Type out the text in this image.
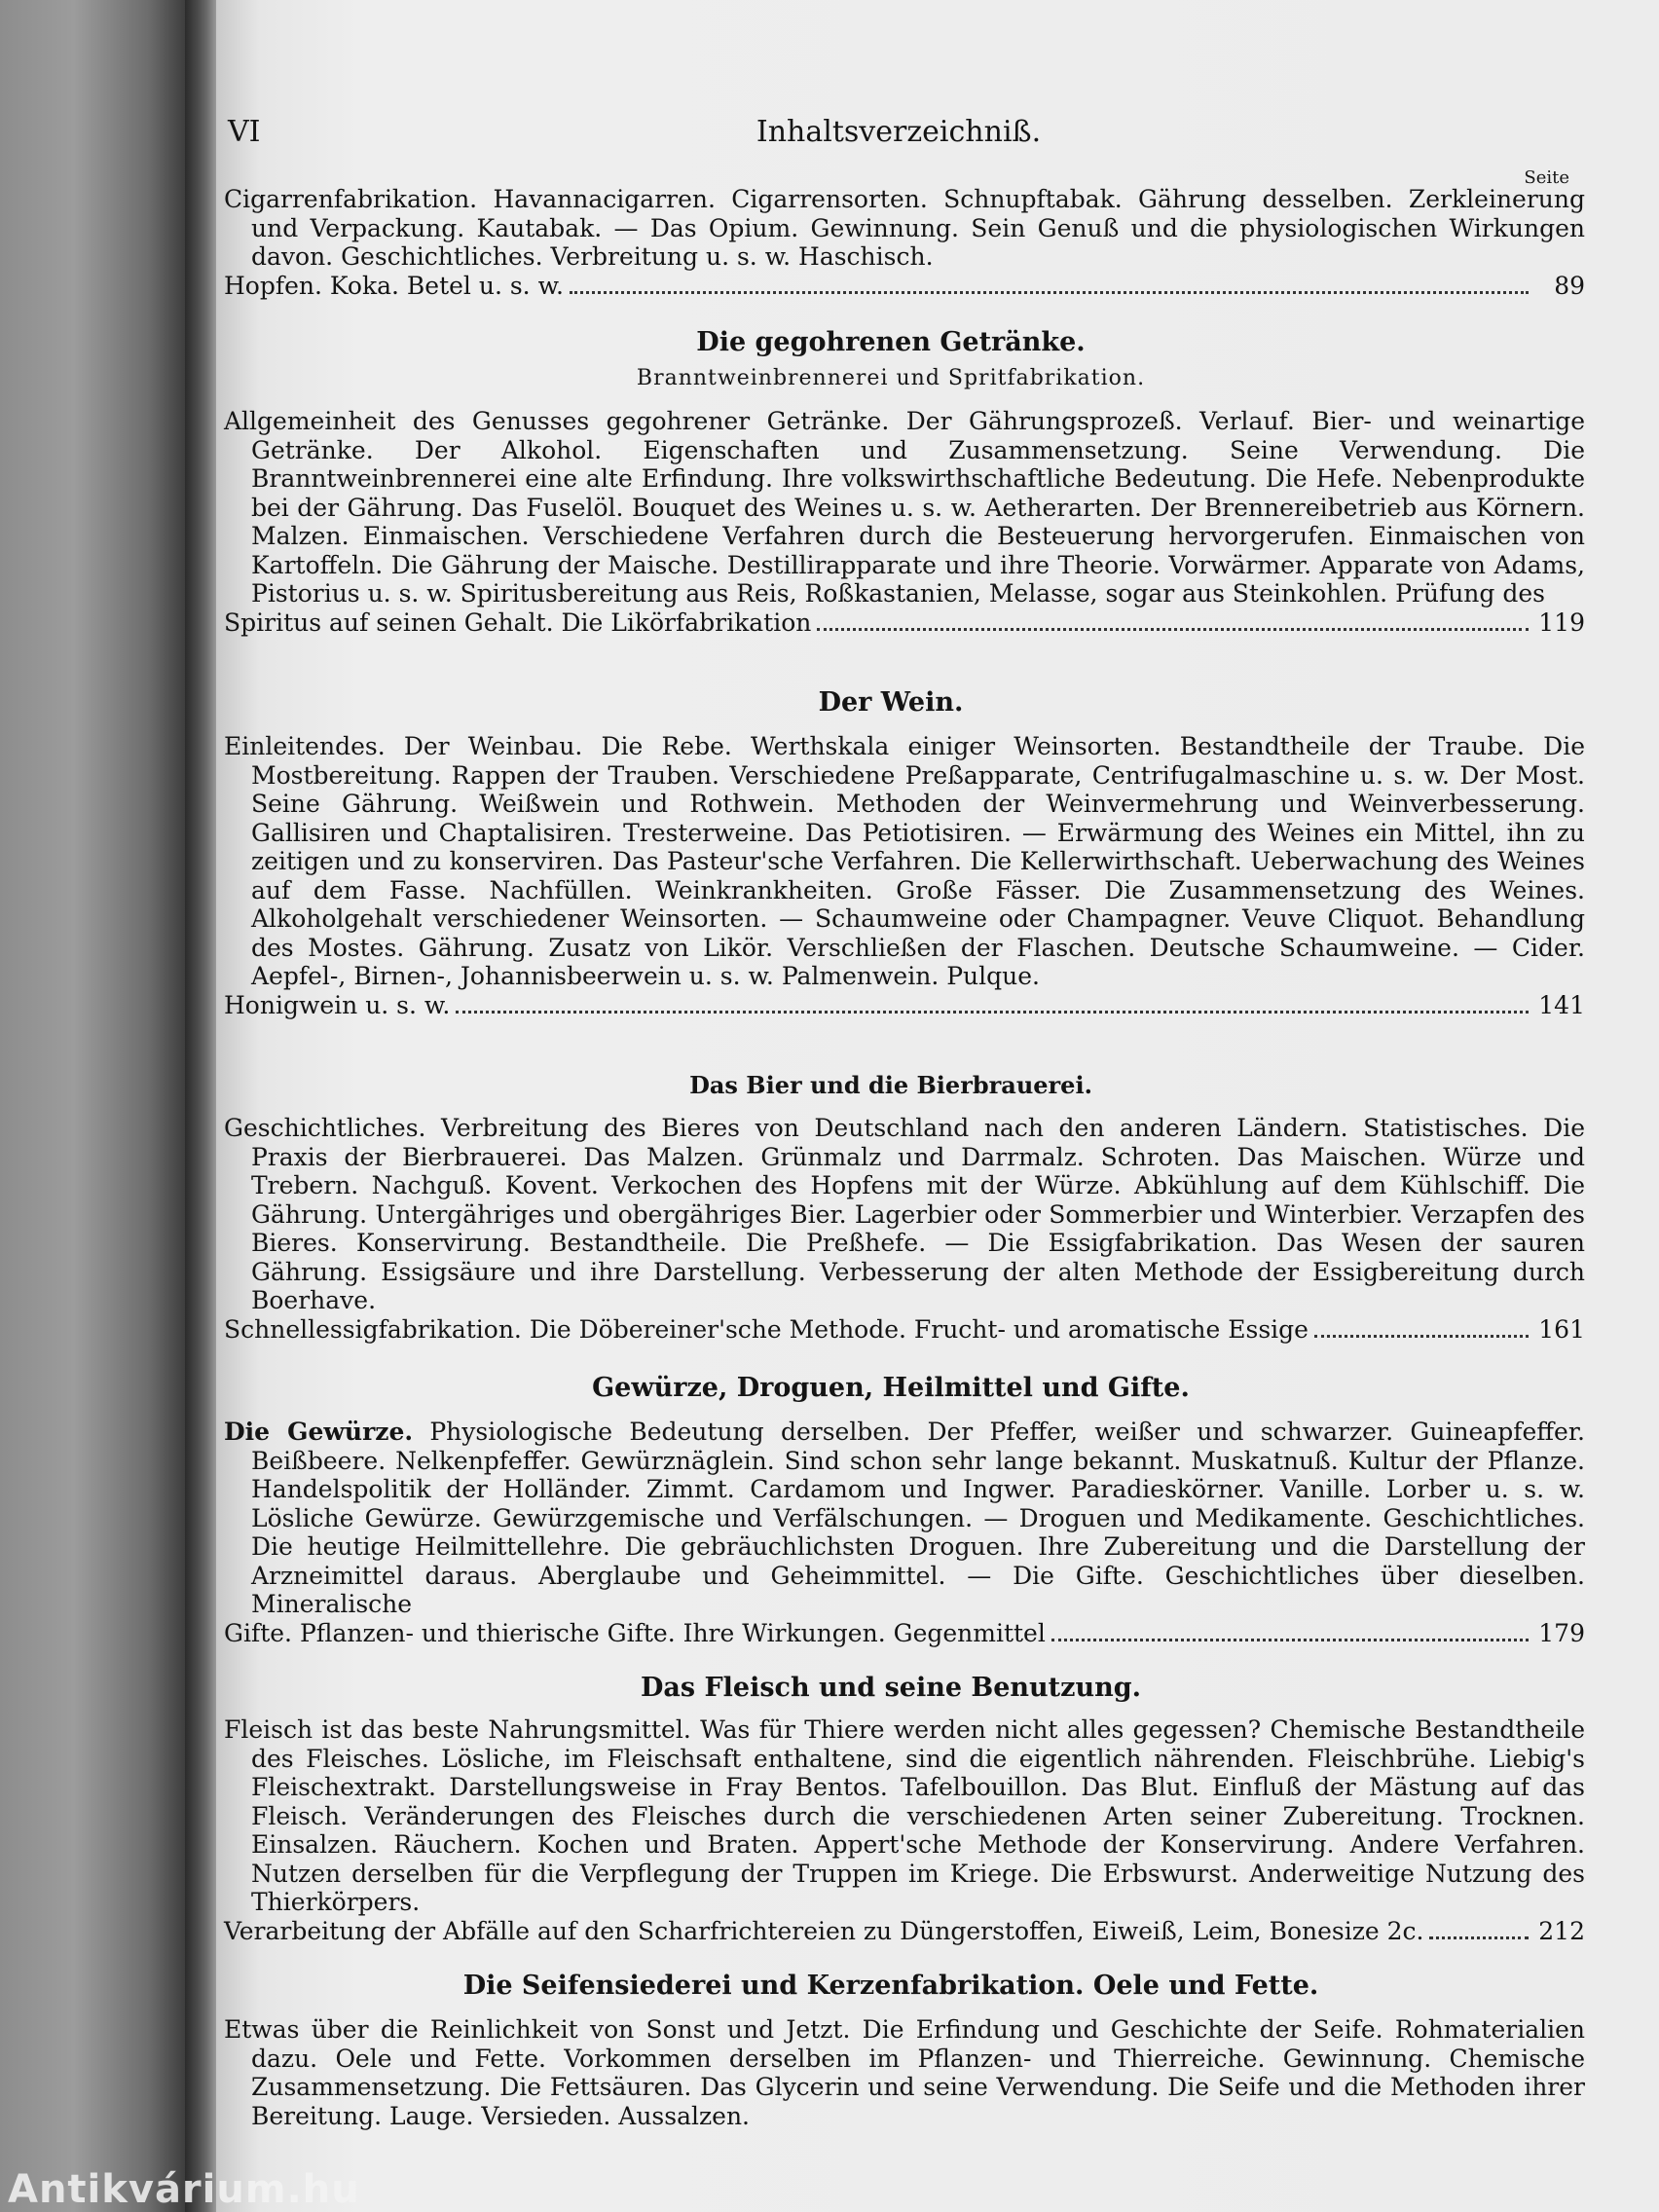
Antikvárium.hu
Inhaltsverzeichniß.
VI
Seite
Cigarrenfabrikation. Havannacigarren. Cigarrensorten. Schnupftabak. Gährung desselben. Zerkleinerung und Verpackung. Kautabak. — Das Opium. Gewinnung. Sein Genuß und die physiologischen Wirkungen davon. Geschichtliches. Verbreitung u. s. w. Haschisch.
Hopfen. Koka. Betel u. s. w.	89
Die gegohrenen Getränke.
Branntweinbrennerei und Spritfabrikation.
Allgemeinheit des Genusses gegohrener Getränke. Der Gährungsprozeß. Verlauf. Bier- und weinartige Getränke. Der Alkohol. Eigenschaften und Zusammensetzung. Seine Verwendung. Die Branntweinbrennerei eine alte Erfindung. Ihre volkswirthschaftliche Bedeutung. Die Hefe. Nebenprodukte bei der Gährung. Das Fuselöl. Bouquet des Weines u. s. w. Aetherarten. Der Brennereibetrieb aus Körnern. Malzen. Einmaischen. Verschiedene Verfahren durch die Besteuerung hervorgerufen. Einmaischen von Kartoffeln. Die Gährung der Maische. Destillirapparate und ihre Theorie. Vorwärmer. Apparate von Adams, Pistorius u. s. w. Spiritusbereitung aus Reis, Roßkastanien, Melasse, sogar aus Steinkohlen. Prüfung des
Spiritus auf seinen Gehalt. Die Likörfabrikation	119
Der Wein.
Einleitendes. Der Weinbau. Die Rebe. Werthskala einiger Weinsorten. Bestandtheile der Traube. Die Mostbereitung. Rappen der Trauben. Verschiedene Preßapparate, Centrifugalmaschine u. s. w. Der Most. Seine Gährung. Weißwein und Rothwein. Methoden der Weinvermehrung und Weinverbesserung. Gallisiren und Chaptalisiren. Tresterweine. Das Petiotisiren. — Erwärmung des Weines ein Mittel, ihn zu zeitigen und zu konserviren. Das Pasteur'sche Verfahren. Die Kellerwirthschaft. Ueberwachung des Weines auf dem Fasse. Nachfüllen. Weinkrankheiten. Große Fässer. Die Zusammensetzung des Weines. Alkoholgehalt verschiedener Weinsorten. — Schaumweine oder Champagner. Veuve Cliquot. Behandlung des Mostes. Gährung. Zusatz von Likör. Verschließen der Flaschen. Deutsche Schaumweine. — Cider. Aepfel-, Birnen-, Johannisbeerwein u. s. w. Palmenwein. Pulque.
Honigwein u. s. w.	141
Das Bier und die Bierbrauerei.
Geschichtliches. Verbreitung des Bieres von Deutschland nach den anderen Ländern. Statistisches. Die Praxis der Bierbrauerei. Das Malzen. Grünmalz und Darrmalz. Schroten. Das Maischen. Würze und Trebern. Nachguß. Kovent. Verkochen des Hopfens mit der Würze. Abkühlung auf dem Kühlschiff. Die Gährung. Untergähriges und obergähriges Bier. Lagerbier oder Sommerbier und Winterbier. Verzapfen des Bieres. Konservirung. Bestandtheile. Die Preßhefe. — Die Essigfabrikation. Das Wesen der sauren Gährung. Essigsäure und ihre Darstellung. Verbesserung der alten Methode der Essigbereitung durch Boerhave.
Schnellessigfabrikation. Die Döbereiner'sche Methode. Frucht- und aromatische Essige	161
Gewürze, Droguen, Heilmittel und Gifte.
Die Gewürze. Physiologische Bedeutung derselben. Der Pfeffer, weißer und schwarzer. Guineapfeffer. Beißbeere. Nelkenpfeffer. Gewürznäglein. Sind schon sehr lange bekannt. Muskatnuß. Kultur der Pflanze. Handelspolitik der Holländer. Zimmt. Cardamom und Ingwer. Paradieskörner. Vanille. Lorber u. s. w. Lösliche Gewürze. Gewürzgemische und Verfälschungen. — Droguen und Medikamente. Geschichtliches. Die heutige Heilmittellehre. Die gebräuchlichsten Droguen. Ihre Zubereitung und die Darstellung der Arzneimittel daraus. Aberglaube und Geheimmittel. — Die Gifte. Geschichtliches über dieselben. Mineralische
Gifte. Pflanzen- und thierische Gifte. Ihre Wirkungen. Gegenmittel	179
Das Fleisch und seine Benutzung.
Fleisch ist das beste Nahrungsmittel. Was für Thiere werden nicht alles gegessen? Chemische Bestandtheile des Fleisches. Lösliche, im Fleischsaft enthaltene, sind die eigentlich nährenden. Fleischbrühe. Liebig's Fleischextrakt. Darstellungsweise in Fray Bentos. Tafelbouillon. Das Blut. Einfluß der Mästung auf das Fleisch. Veränderungen des Fleisches durch die verschiedenen Arten seiner Zubereitung. Trocknen. Einsalzen. Räuchern. Kochen und Braten. Appert'sche Methode der Konservirung. Andere Verfahren. Nutzen derselben für die Verpflegung der Truppen im Kriege. Die Erbswurst. Anderweitige Nutzung des Thierkörpers.
Verarbeitung der Abfälle auf den Scharfrichtereien zu Düngerstoffen, Eiweiß, Leim, Bonesize 2c.	212
Die Seifensiederei und Kerzenfabrikation. Oele und Fette.
Etwas über die Reinlichkeit von Sonst und Jetzt. Die Erfindung und Geschichte der Seife. Rohmaterialien dazu. Oele und Fette. Vorkommen derselben im Pflanzen- und Thierreiche. Gewinnung. Chemische Zusammensetzung. Die Fettsäuren. Das Glycerin und seine Verwendung. Die Seife und die Methoden ihrer Bereitung. Lauge. Versieden. Aussalzen.
